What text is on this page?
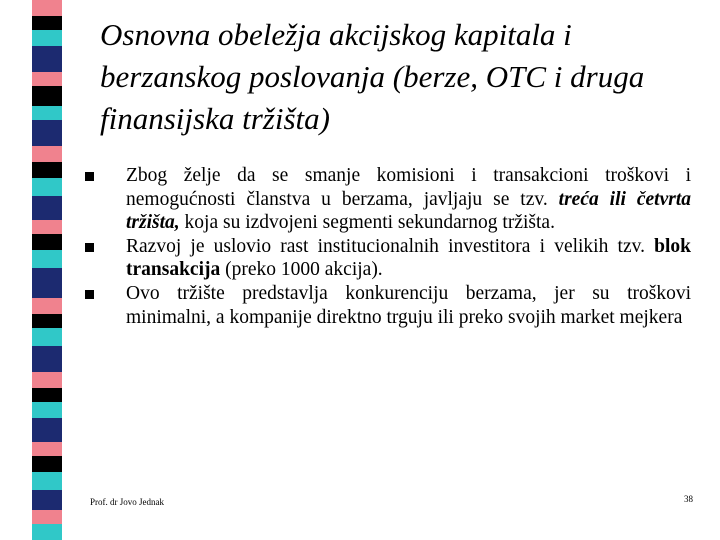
Osnovna obeležja akcijskog kapitala i berzanskog poslovanja (berze, OTC i druga finansijska tržišta)
Zbog želje da se smanje komisioni i transakcioni troškovi i nemogućnosti članstva u berzama, javljaju se tzv. treća ili četvrta tržišta, koja su izdvojeni segmenti sekundarnog tržišta.
Razvoj je uslovio rast institucionalnih investitora i velikih tzv. blok transakcija (preko 1000 akcija).
Ovo tržište predstavlja konkurenciju berzama, jer su troškovi minimalni, a kompanije direktno trguju ili preko svojih market mejkera
Prof. dr Jovo Jednak	38
